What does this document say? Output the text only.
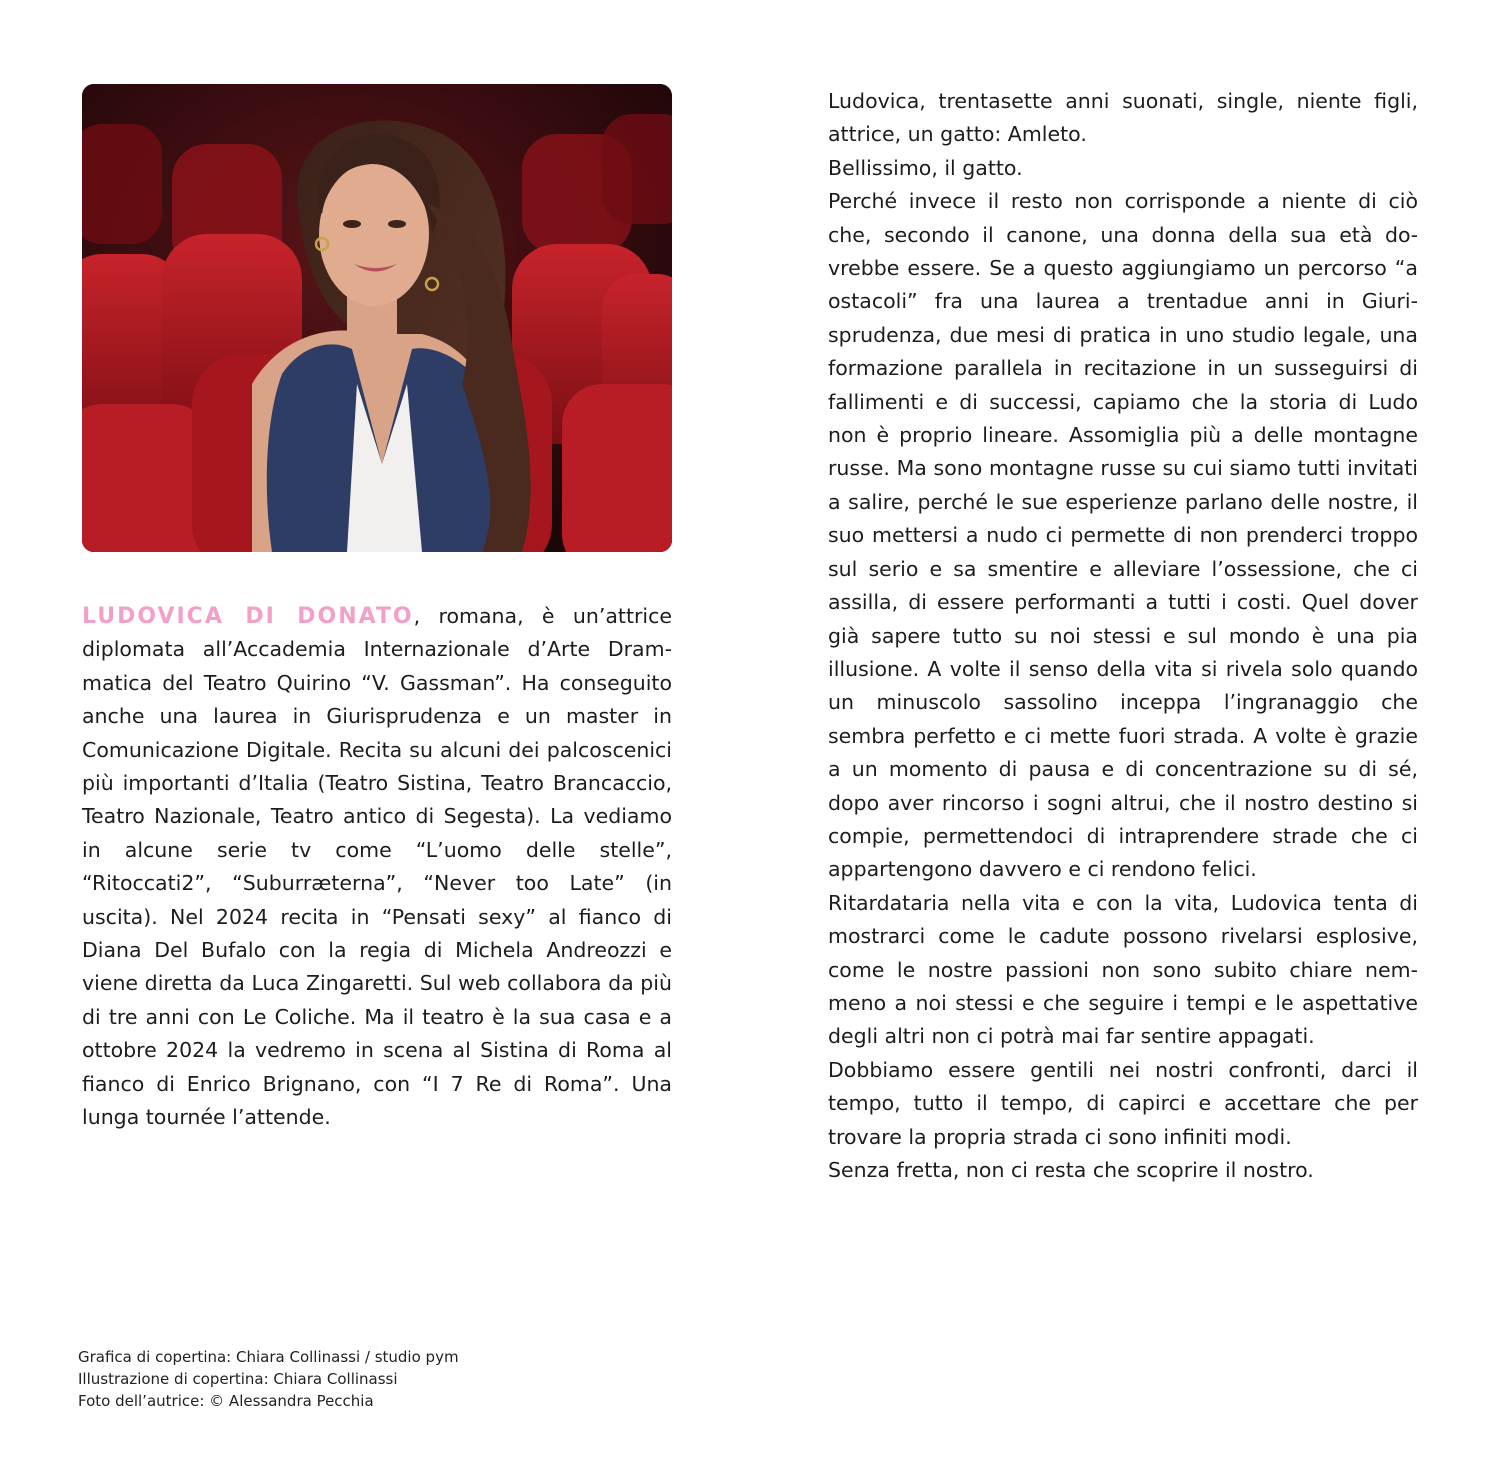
LUDOVICA DI DONATO, romana, è un’attrice diplomata all’Accademia Internazionale d’Arte Drammatica del Teatro Quirino “V. Gassman”. Ha conseguito anche una laurea in Giurisprudenza e un master in Comunicazione Digitale. Recita su alcuni dei palcoscenici più importanti d’Italia (Teatro Sistina, Teatro Brancaccio, Teatro Nazionale, Teatro antico di Segesta). La vediamo in alcune serie tv come “L’uomo delle stelle”, “Ritoccati2”, “Suburræterna”, “Never too Late” (in uscita). Nel 2024 recita in “Pensati sexy” al fianco di Diana Del Bufalo con la regia di Michela Andreozzi e viene diretta da Luca Zingaretti. Sul web collabora da più di tre anni con Le Coliche. Ma il teatro è la sua casa e a ottobre 2024 la vedremo in scena al Sistina di Roma al fianco di Enrico Brignano, con “I 7 Re di Roma”. Una lunga tournée l’attende.

Ludovica, trentasette anni suonati, single, niente figli, attrice, un gatto: Amleto.

Bellissimo, il gatto.

Perché invece il resto non corrisponde a niente di ciò che, secondo il canone, una donna della sua età dovrebbe essere. Se a questo aggiungiamo un percorso “a ostacoli” fra una laurea a trentadue anni in Giurisprudenza, due mesi di pratica in uno studio legale, una formazione parallela in recitazione in un susseguirsi di fallimenti e di successi, capiamo che la storia di Ludo non è proprio lineare. Assomiglia più a delle montagne russe. Ma sono montagne russe su cui siamo tutti invitati a salire, perché le sue esperienze parlano delle nostre, il suo mettersi a nudo ci permette di non prenderci troppo sul serio e sa smentire e alleviare l’ossessione, che ci assilla, di essere performanti a tutti i costi. Quel dover già sapere tutto su noi stessi e sul mondo è una pia illusione. A volte il senso della vita si rivela solo quando un minuscolo sassolino inceppa l’ingranaggio che sembra perfetto e ci mette fuori strada. A volte è grazie a un momento di pausa e di concentrazione su di sé, dopo aver rincorso i sogni altrui, che il nostro destino si compie, permettendoci di intraprendere strade che ci appartengono davvero e ci rendono felici.

Ritardataria nella vita e con la vita, Ludovica tenta di mostrarci come le cadute possono rivelarsi esplosive, come le nostre passioni non sono subito chiare nemmeno a noi stessi e che seguire i tempi e le aspettative degli altri non ci potrà mai far sentire appagati.

Dobbiamo essere gentili nei nostri confronti, darci il tempo, tutto il tempo, di capirci e accettare che per trovare la propria strada ci sono infiniti modi.

Senza fretta, non ci resta che scoprire il nostro.

Grafica di copertina: Chiara Collinassi / studio pym
Illustrazione di copertina: Chiara Collinassi
Foto dell’autrice: © Alessandra Pecchia
